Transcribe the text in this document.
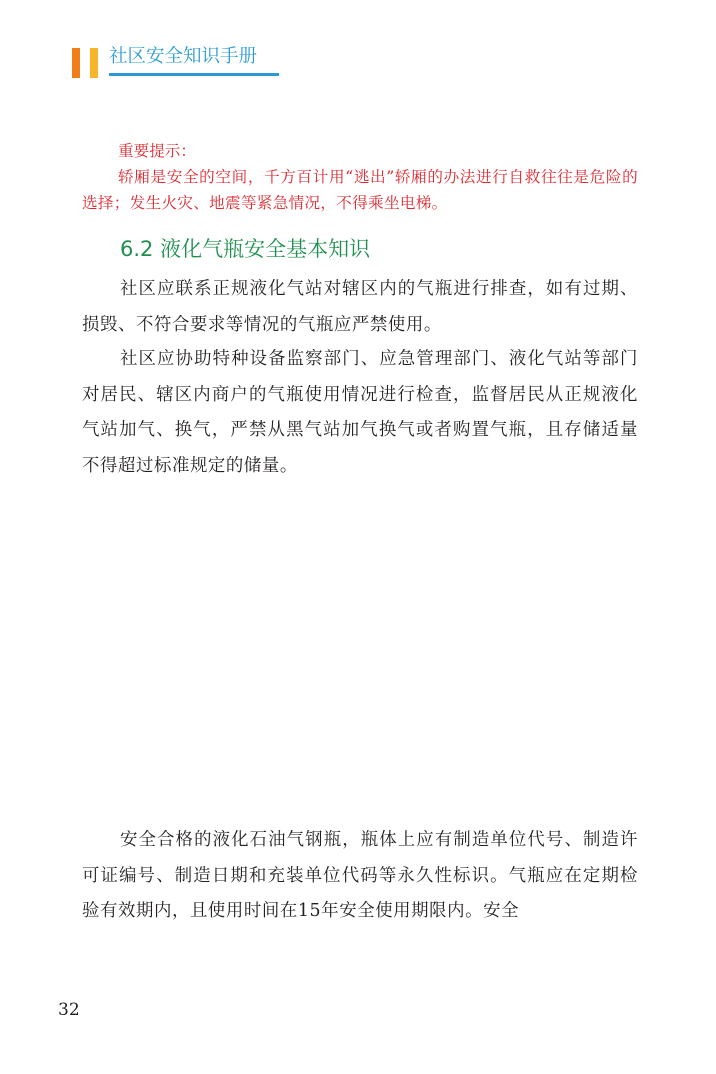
社区安全知识手册
重要提示：
轿厢是安全的空间，千方百计用“逃出”轿厢的办法进行自救往往是危险的选择；发生火灾、地震等紧急情况，不得乘坐电梯。
6.2 液化气瓶安全基本知识

社区应联系正规液化气站对辖区内的气瓶进行排查，如有过期、损毁、不符合要求等情况的气瓶应严禁使用。

社区应协助特种设备监察部门、应急管理部门、液化气站等部门对居民、辖区内商户的气瓶使用情况进行检查，监督居民从正规液化气站加气、换气，严禁从黑气站加气换气或者购置气瓶，且存储适量不得超过标准规定的储量。

安全合格的液化石油气钢瓶，瓶体上应有制造单位代号、制造许可证编号、制造日期和充装单位代码等永久性标识。气瓶应在定期检验有效期内，且使用时间在15年安全使用期限内。安全

32
